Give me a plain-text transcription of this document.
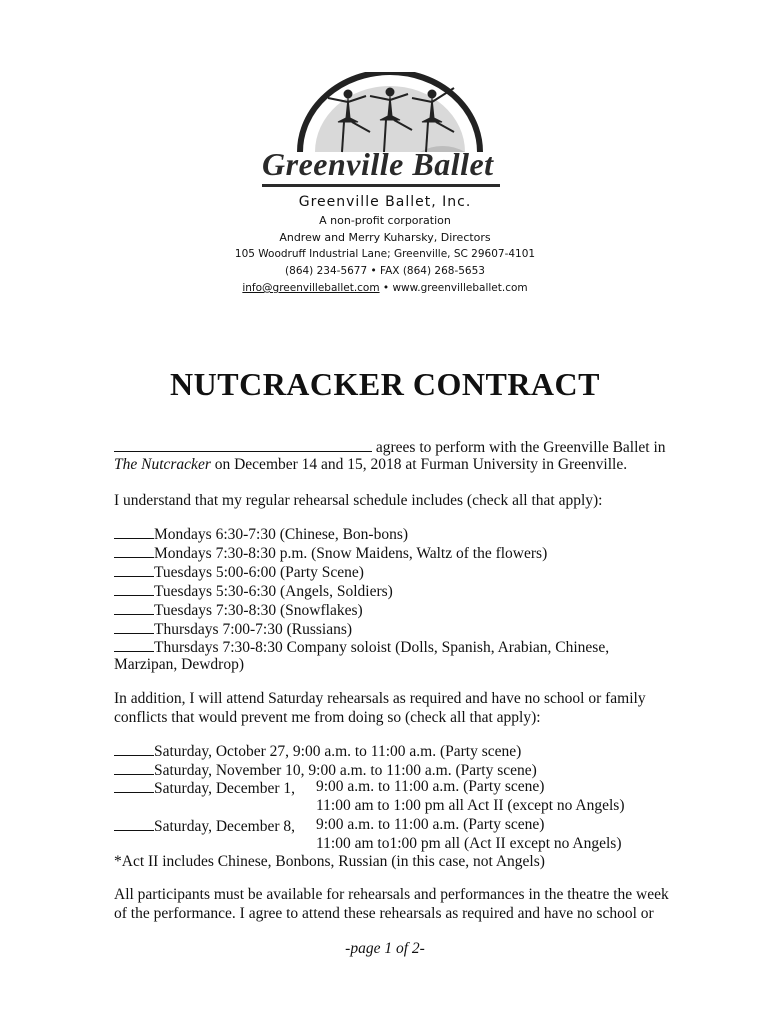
Greenville Ballet
Greenville Ballet, Inc.
A non-profit corporation
Andrew and Merry Kuharsky, Directors
105 Woodruff Industrial Lane; Greenville, SC 29607-4101
(864) 234-5677 • FAX (864) 268-5653
info@greenvilleballet.com • www.greenvilleballet.com
NUTCRACKER CONTRACT
agrees to perform with the Greenville Ballet in
The Nutcracker on December 14 and 15, 2018 at Furman University in Greenville.
I understand that my regular rehearsal schedule includes (check all that apply):
Mondays 6:30-7:30 (Chinese, Bon-bons)
Mondays 7:30-8:30 p.m. (Snow Maidens, Waltz of the flowers)
Tuesdays 5:00-6:00 (Party Scene)
Tuesdays 5:30-6:30 (Angels, Soldiers)
Tuesdays 7:30-8:30 (Snowflakes)
Thursdays 7:00-7:30 (Russians)
Thursdays 7:30-8:30 Company soloist (Dolls, Spanish, Arabian, Chinese,
Marzipan, Dewdrop)
In addition, I will attend Saturday rehearsals as required and have no school or family
conflicts that would prevent me from doing so (check all that apply):
Saturday, October 27, 9:00 a.m. to 11:00 a.m. (Party scene)
Saturday, November 10, 9:00 a.m. to 11:00 a.m. (Party scene)
Saturday, December 1, 9:00 a.m. to 11:00 a.m. (Party scene)
11:00 am to 1:00 pm all Act II (except no Angels)
Saturday, December 8, 9:00 a.m. to 11:00 a.m. (Party scene)
11:00 am to1:00 pm all (Act II except no Angels)
*Act II includes Chinese, Bonbons, Russian (in this case, not Angels)
All participants must be available for rehearsals and performances in the theatre the week
of the performance. I agree to attend these rehearsals as required and have no school or
-page 1 of 2-
